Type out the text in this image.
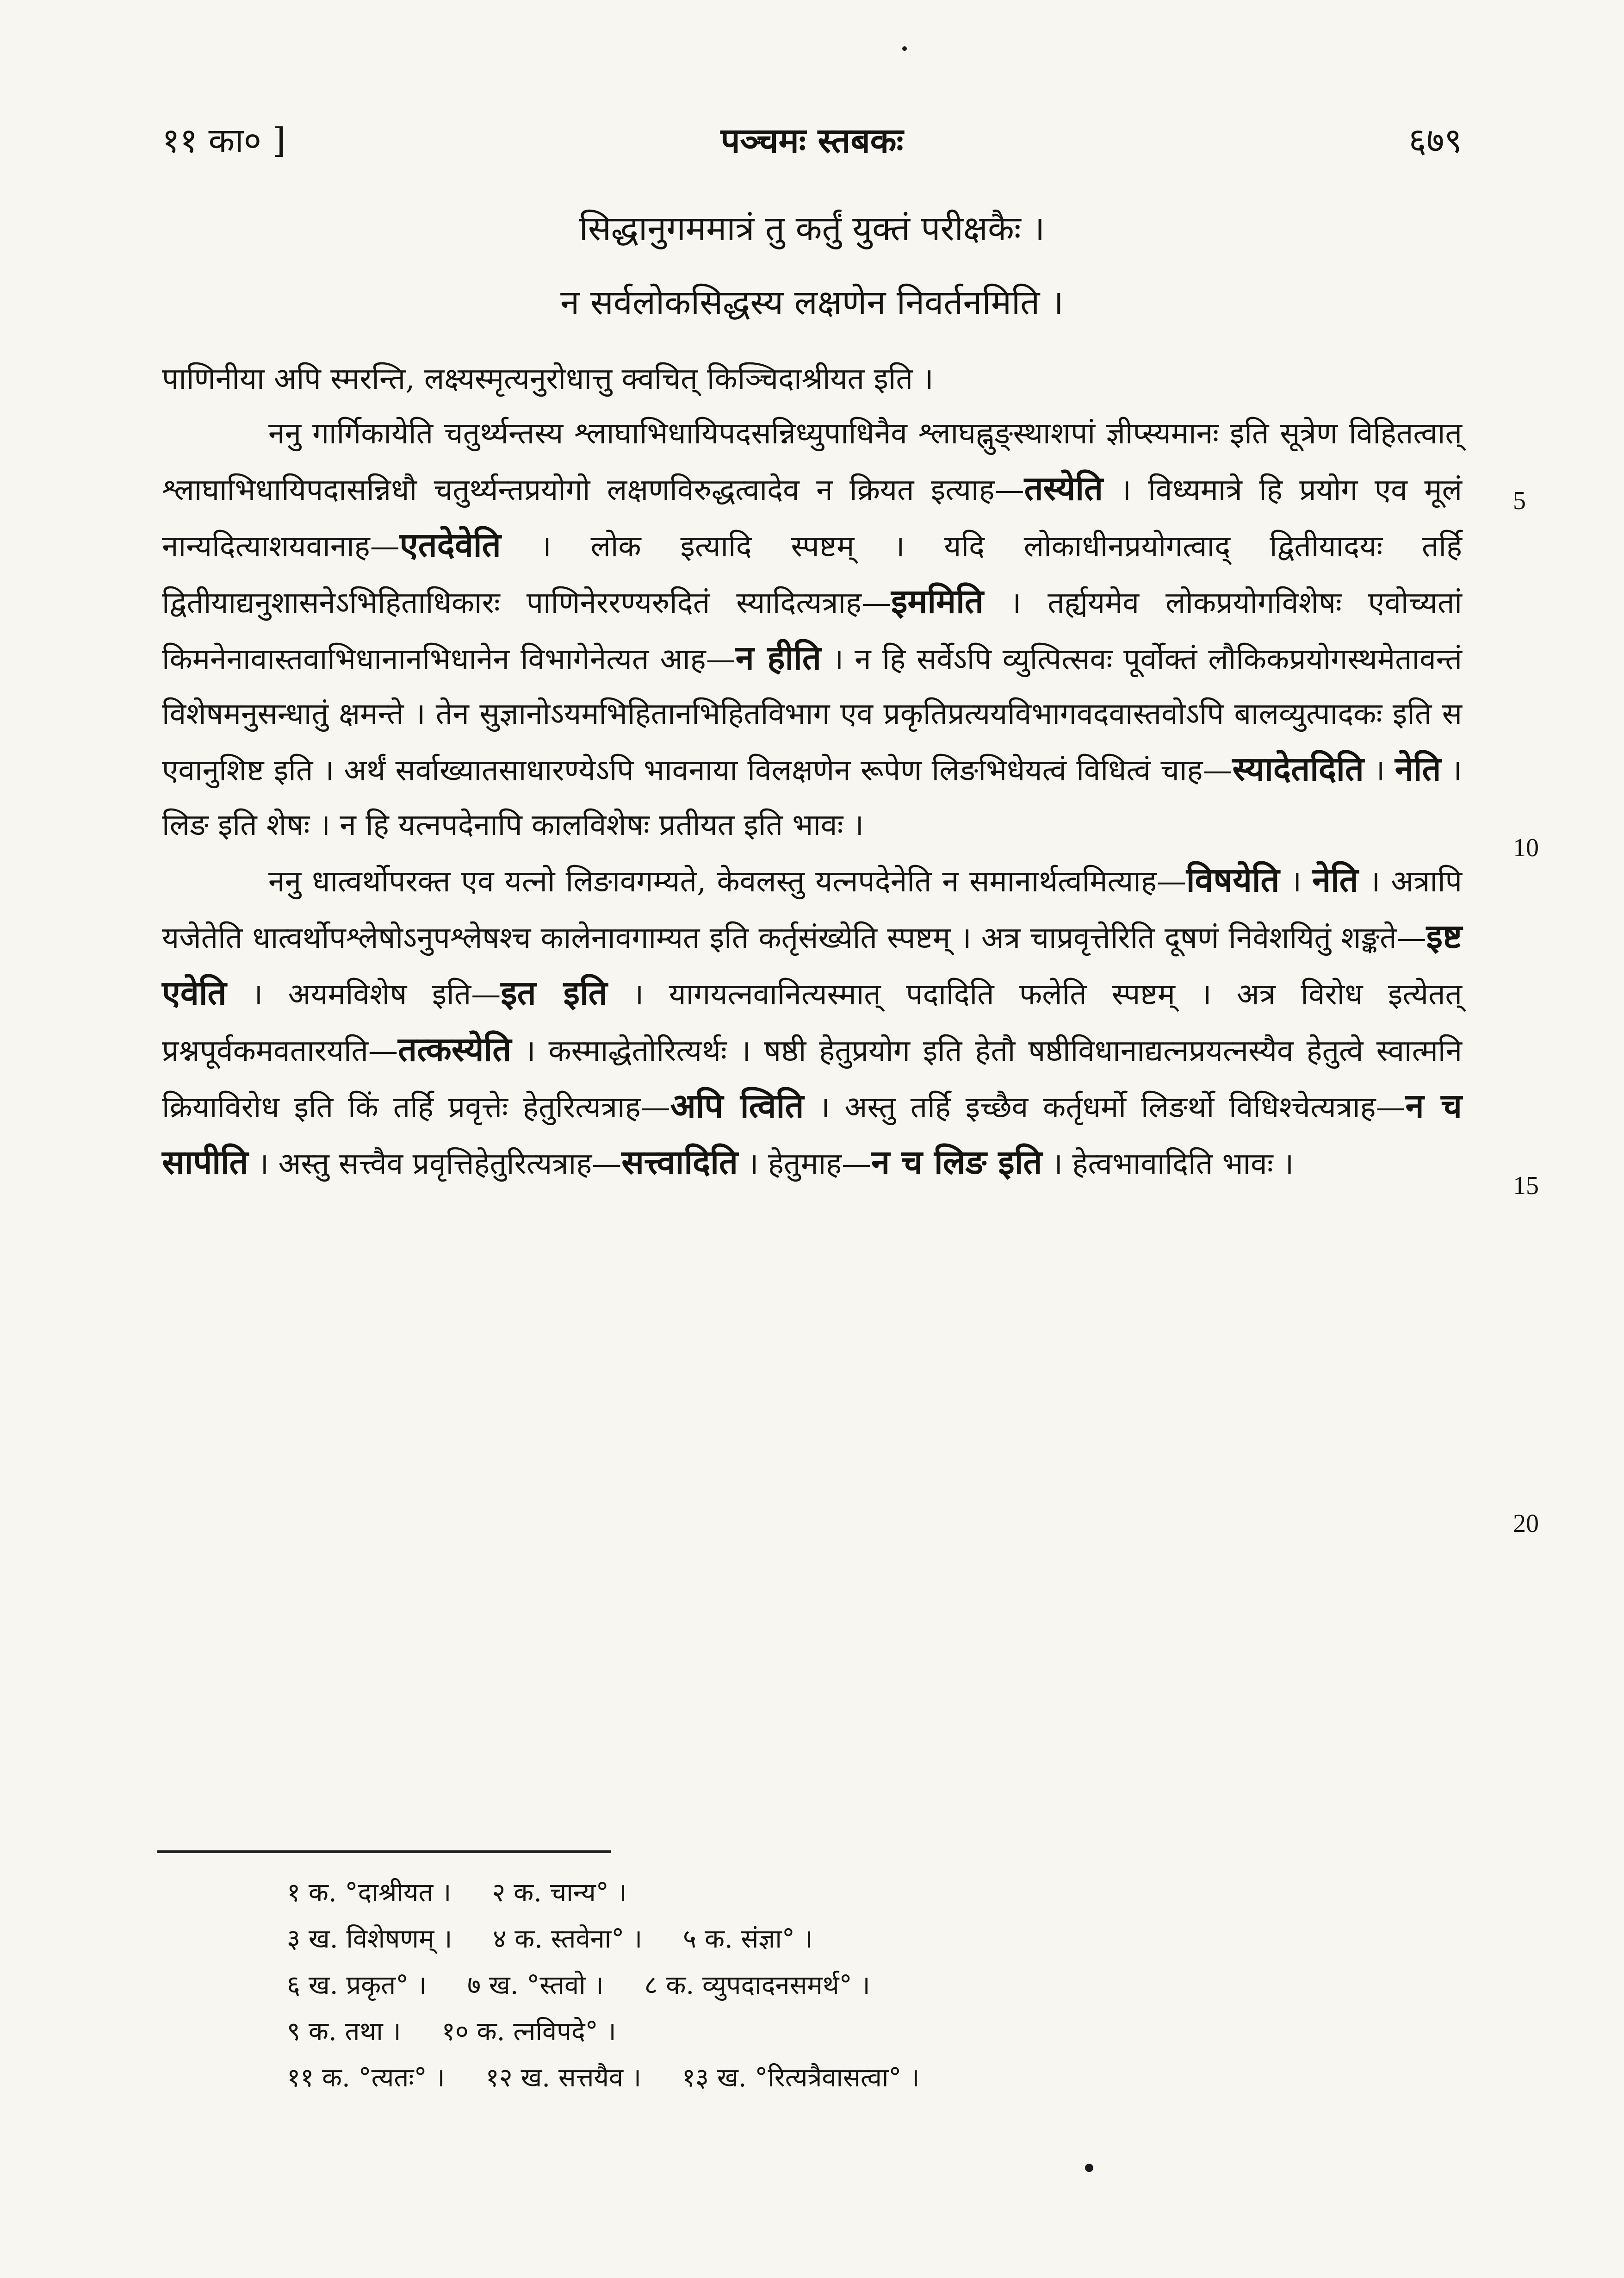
११ का० ]	पञ्चमः स्तबकः	६७९
सिद्धानुगममात्रं तु कर्तुं युक्तं परीक्षकैः ।
न सर्वलोकसिद्धस्य लक्षणेन निवर्तनमिति ।

पाणिनीया अपि स्मरन्ति, लक्ष्यस्मृत्यनुरोधात्तु क्वचित् किञ्चिदाश्रीयत इति ।

ननु गार्गिकायेति चतुर्थ्यन्तस्य श्लाघाभिधायिपदसन्निध्युपाधिनैव श्लाघह्नुङ्स्थाशपां ज्ञीप्स्यमानः इति सूत्रेण विहितत्वात् श्लाघाभिधायिपदासन्निधौ चतुर्थ्यन्तप्रयोगो लक्षणविरुद्धत्वादेव न क्रियत इत्याह—तस्येति । विध्यमात्रे हि प्रयोग एव मूलं नान्यदित्याशयवानाह—एतदेवेति । लोक इत्यादि स्पष्टम् । यदि लोकाधीनप्रयोगत्वाद् द्वितीयादयः तर्हि द्वितीयाद्यनुशासनेऽभिहिताधिकारः पाणिनेररण्यरुदितं स्यादित्यत्राह—इममिति । तर्ह्ययमेव लोकप्रयोगविशेषः एवोच्यतां किमनेनावास्तवाभिधानानभिधानेन विभागेनेत्यत आह—न हीति । न हि सर्वेऽपि व्युत्पित्सवः पूर्वोक्तं लौकिकप्रयोगस्थमेतावन्तं विशेषमनुसन्धातुं क्षमन्ते । तेन सुज्ञानोऽयमभिहितानभिहितविभाग एव प्रकृतिप्रत्ययविभागवदवास्तवोऽपि बालव्युत्पादकः इति स एवानुशिष्ट इति । अर्थं सर्वाख्यातसाधारण्येऽपि भावनाया विलक्षणेन रूपेण लिङभिधेयत्वं विधित्वं चाह—स्यादेतदिति । नेति । लिङ इति शेषः । न हि यत्नपदेनापि कालविशेषः प्रतीयत इति भावः ।

ननु धात्वर्थोपरक्त एव यत्नो लिङावगम्यते, केवलस्तु यत्नपदेनेति न समानार्थत्वमित्याह—विषयेति । नेति । अत्रापि यजेतेति धात्वर्थोपश्लेषोऽनुपश्लेषश्च कालेनावगाम्यत इति कर्तृसंख्येति स्पष्टम् । अत्र चाप्रवृत्तेरिति दूषणं निवेशयितुं शङ्कते—इष्ट एवेति । अयमविशेष इति—इत इति । यागयत्नवानित्यस्मात् पदादिति फलेति स्पष्टम् । अत्र विरोध इत्येतत् प्रश्नपूर्वकमवतारयति—तत्कस्येति । कस्माद्धेतोरित्यर्थः । षष्ठी हेतुप्रयोग इति हेतौ षष्ठीविधानाद्यत्नप्रयत्नस्यैव हेतुत्वे स्वात्मनि क्रियाविरोध इति किं तर्हि प्रवृत्तेः हेतुरित्यत्राह—अपि त्विति । अस्तु तर्हि इच्छैव कर्तृधर्मो लिङर्थो विधिश्चेत्यत्राह—न च सापीति । अस्तु सत्त्वैव प्रवृत्तिहेतुरित्यत्राह—सत्त्वादिति । हेतुमाह—न च लिङ इति । हेत्वभावादिति भावः ।

5
10
15
20
१ क. °दाश्रीयत । २ क. चान्य° ।
३ ख. विशेषणम् । ४ क. स्तवेना° । ५ क. संज्ञा° ।
६ ख. प्रकृत° । ७ ख. °स्तवो । ८ क. व्युपदादनसमर्थ° ।
९ क. तथा । १० क. त्नविपदे° ।
११ क. °त्यतः° । १२ ख. सत्तयैव । १३ ख. °रित्यत्रैवासत्वा° ।
